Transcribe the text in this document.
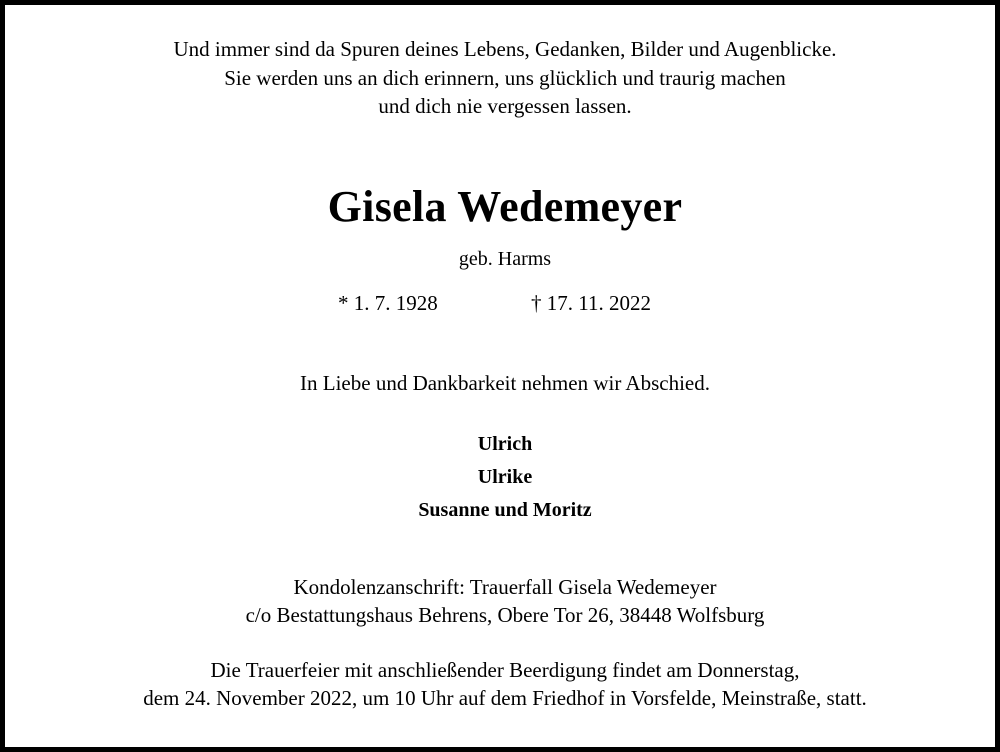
Und immer sind da Spuren deines Lebens, Gedanken, Bilder und Augenblicke.

Sie werden uns an dich erinnern, uns glücklich und traurig machen

und dich nie vergessen lassen.

Gisela Wedemeyer

geb. Harms

* 1. 7. 1928	† 17. 11. 2022

In Liebe und Dankbarkeit nehmen wir Abschied.

Ulrich

Ulrike

Susanne und Moritz

Kondolenzanschrift: Trauerfall Gisela Wedemeyer

c/o Bestattungshaus Behrens, Obere Tor 26, 38448 Wolfsburg

Die Trauerfeier mit anschließender Beerdigung findet am Donnerstag,

dem 24. November 2022, um 10 Uhr auf dem Friedhof in Vorsfelde, Meinstraße, statt.
